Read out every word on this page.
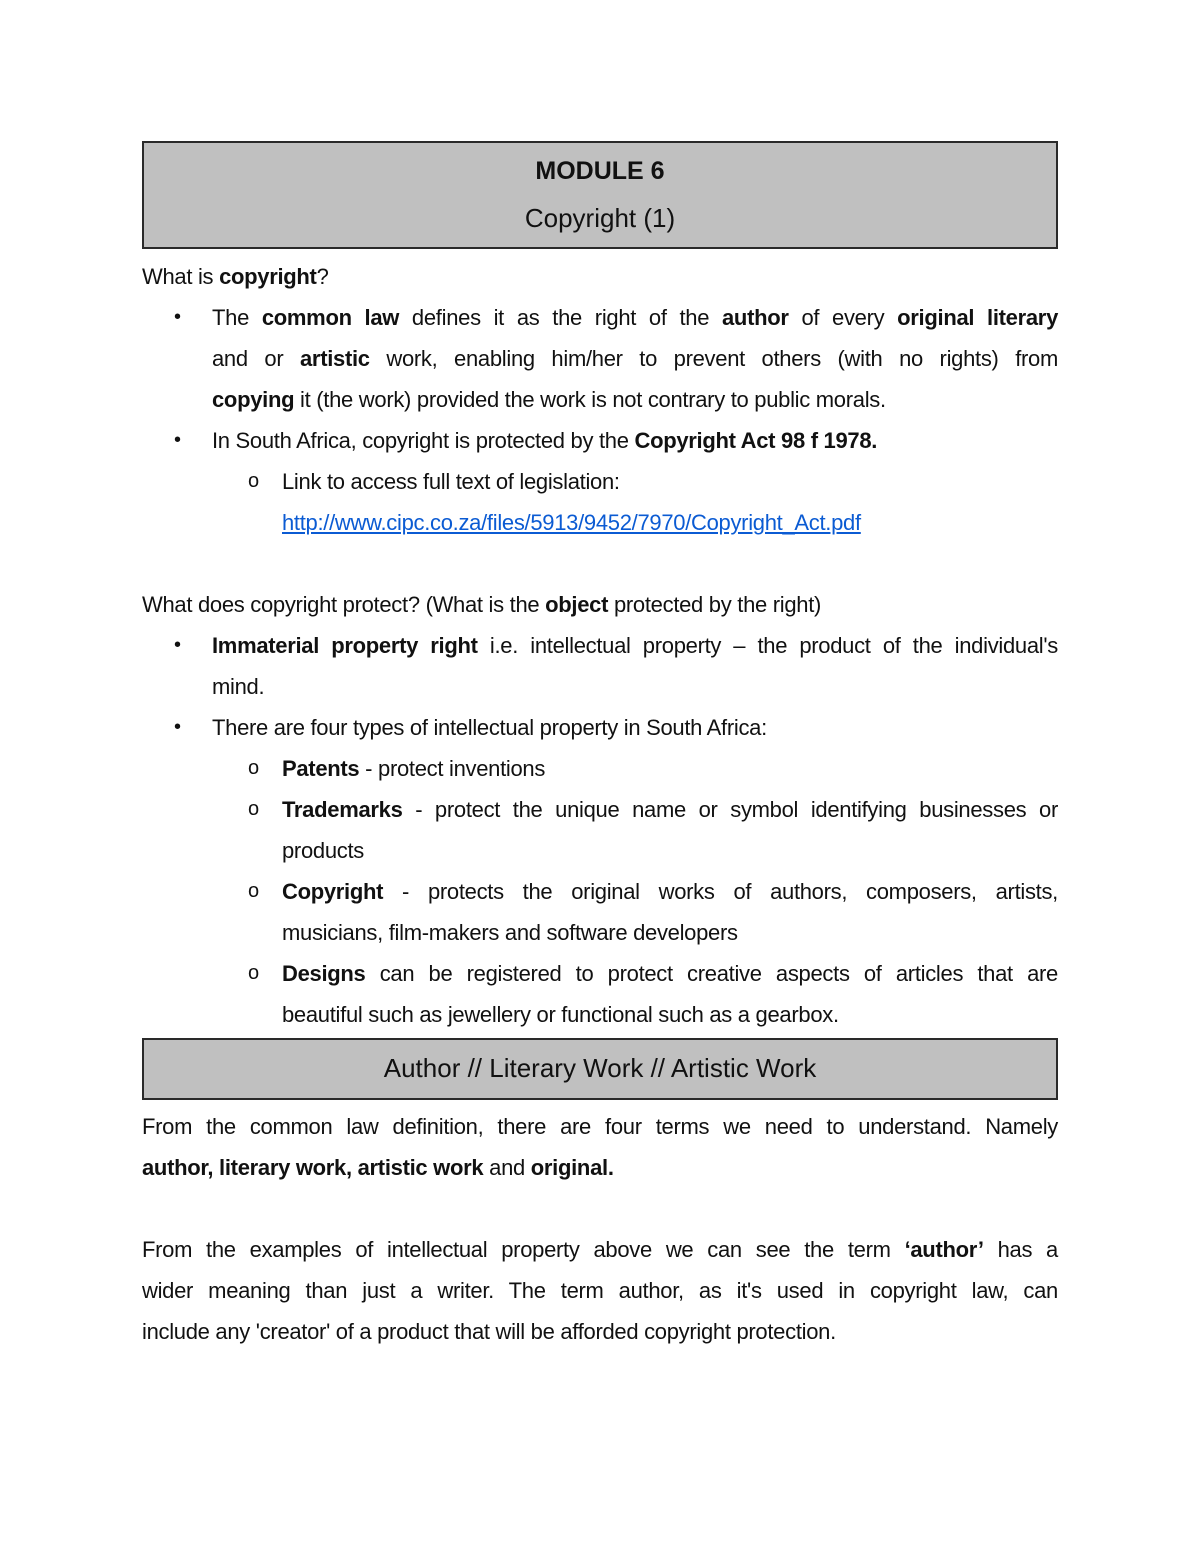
MODULE 6
Copyright (1)
What is copyright?
• The common law defines it as the right of the author of every original literary
and or artistic work, enabling him/her to prevent others (with no rights) from
copying it (the work) provided the work is not contrary to public morals.
• In South Africa, copyright is protected by the Copyright Act 98 f 1978.
o Link to access full text of legislation:
http://www.cipc.co.za/files/5913/9452/7970/Copyright_Act.pdf
What does copyright protect? (What is the object protected by the right)
• Immaterial property right i.e. intellectual property – the product of the individual's
mind.
• There are four types of intellectual property in South Africa:
o Patents - protect inventions
o Trademarks - protect the unique name or symbol identifying businesses or
products
o Copyright - protects the original works of authors, composers, artists,
musicians, film-makers and software developers
o Designs can be registered to protect creative aspects of articles that are
beautiful such as jewellery or functional such as a gearbox.
Author // Literary Work // Artistic Work
From the common law definition, there are four terms we need to understand. Namely
author, literary work, artistic work and original.
From the examples of intellectual property above we can see the term ‘author’ has a
wider meaning than just a writer. The term author, as it's used in copyright law, can
include any 'creator' of a product that will be afforded copyright protection.
